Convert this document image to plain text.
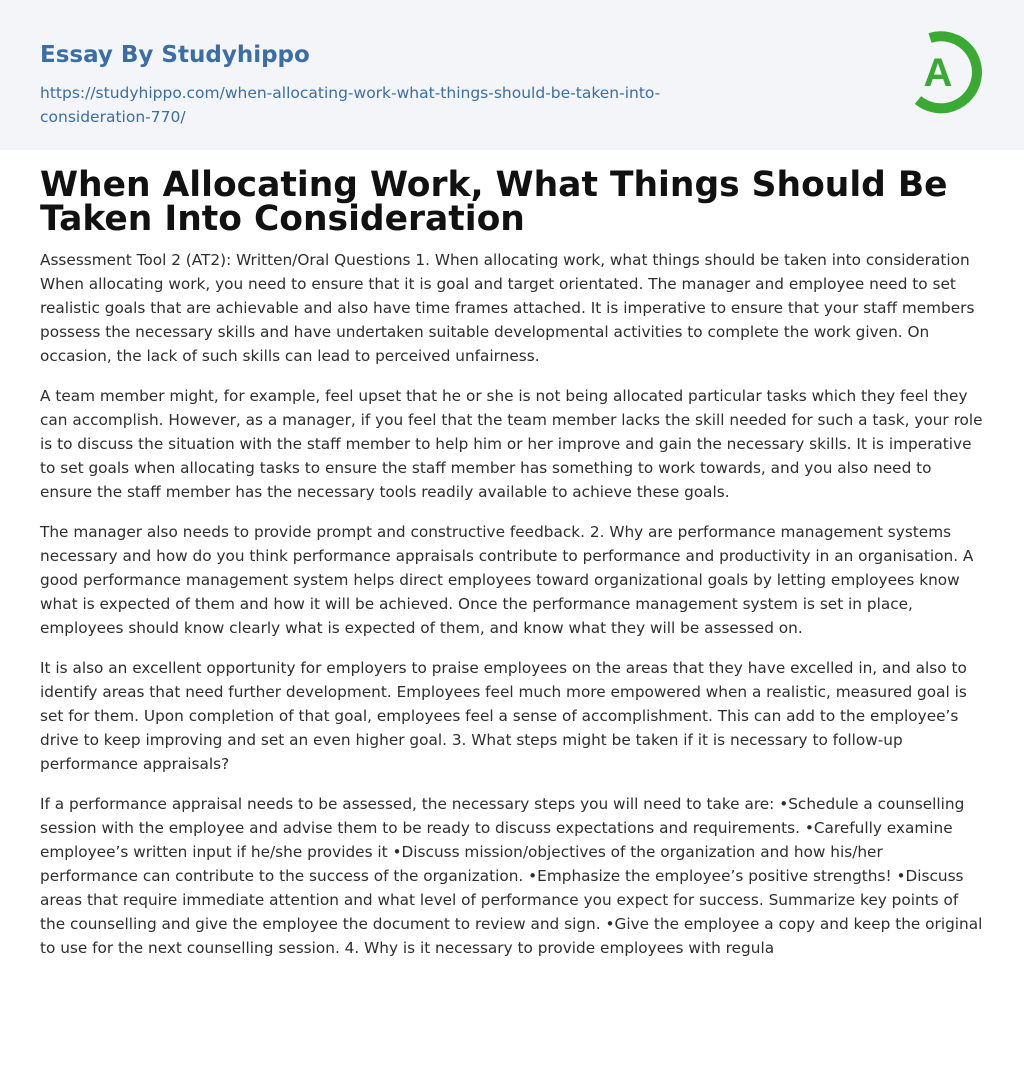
Essay By Studyhippo
https://studyhippo.com/when-allocating-work-what-things-should-be-taken-into-consideration-770/
A
When Allocating Work, What Things Should Be Taken Into Consideration

Assessment Tool 2 (AT2): Written/Oral Questions 1. When allocating work, what things should be taken into consideration When allocating work, you need to ensure that it is goal and target orientated. The manager and employee need to set realistic goals that are achievable and also have time frames attached. It is imperative to ensure that your staff members possess the necessary skills and have undertaken suitable developmental activities to complete the work given. On occasion, the lack of such skills can lead to perceived unfairness.

A team member might, for example, feel upset that he or she is not being allocated particular tasks which they feel they can accomplish. However, as a manager, if you feel that the team member lacks the skill needed for such a task, your role is to discuss the situation with the staff member to help him or her improve and gain the necessary skills. It is imperative to set goals when allocating tasks to ensure the staff member has something to work towards, and you also need to ensure the staff member has the necessary tools readily available to achieve these goals.

The manager also needs to provide prompt and constructive feedback. 2. Why are performance management systems necessary and how do you think performance appraisals contribute to performance and productivity in an organisation. A good performance management system helps direct employees toward organizational goals by letting employees know what is expected of them and how it will be achieved. Once the performance management system is set in place, employees should know clearly what is expected of them, and know what they will be assessed on.

It is also an excellent opportunity for employers to praise employees on the areas that they have excelled in, and also to identify areas that need further development. Employees feel much more empowered when a realistic, measured goal is set for them. Upon completion of that goal, employees feel a sense of accomplishment. This can add to the employee’s drive to keep improving and set an even higher goal. 3. What steps might be taken if it is necessary to follow-up performance appraisals?

If a performance appraisal needs to be assessed, the necessary steps you will need to take are: •Schedule a counselling session with the employee and advise them to be ready to discuss expectations and requirements. •Carefully examine employee’s written input if he/she provides it •Discuss mission/objectives of the organization and how his/her performance can contribute to the success of the organization. •Emphasize the employee’s positive strengths! •Discuss areas that require immediate attention and what level of performance you expect for success. Summarize key points of the counselling and give the employee the document to review and sign. •Give the employee a copy and keep the original to use for the next counselling session. 4. Why is it necessary to provide employees with regula
